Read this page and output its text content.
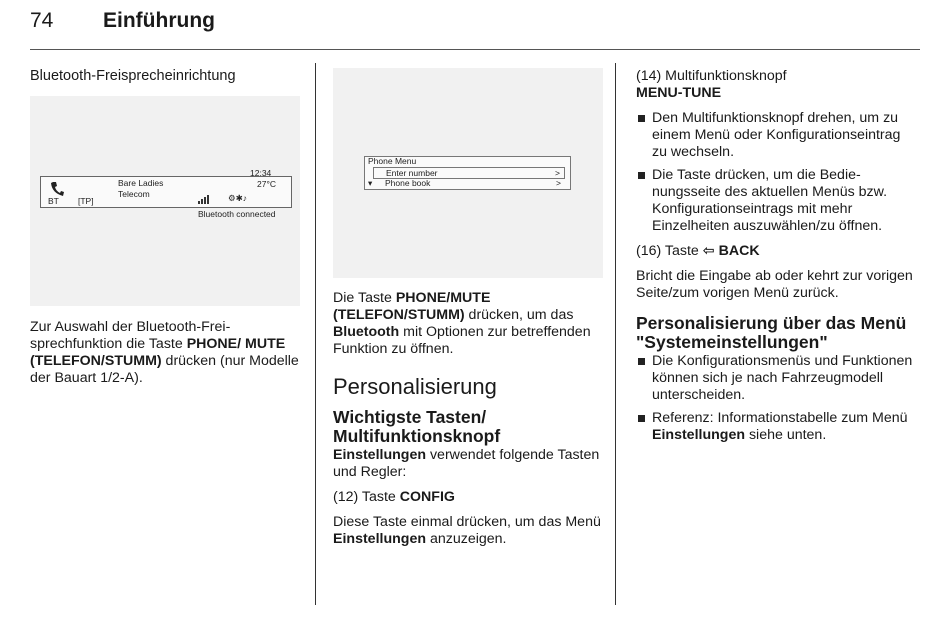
74 Einführung
Bluetooth-Freisprecheinrichtung
BT [TP]
Bare Ladies
Telecom
12:34
27°C
⚙✱♪
Bluetooth connected

Zur Auswahl der Bluetooth-Freisprechfunktion die Taste PHONE/ MUTE (TELEFON/STUMM) drücken (nur Modelle der Bauart 1/2-A).

Phone Menu
Enter number	>
▾ Phone book	>

Die Taste PHONE/MUTE (TELEFON/STUMM) drücken, um das Bluetooth mit Optionen zur betreffenden Funktion zu öffnen.

Personalisierung
Wichtigste Tasten/ Multifunktionsknopf

Einstellungen verwendet folgende Tasten und Regler:

(12) Taste CONFIG

Diese Taste einmal drücken, um das Menü Einstellungen anzuzeigen.

(14) Multifunktionsknopf
MENU-TUNE

Den Multifunktionsknopf drehen, um zu einem Menü oder Konfigurationseintrag zu wechseln.
Die Taste drücken, um die Bedienungsseite des aktuellen Menüs bzw. Konfigurationseintrags mit mehr Einzelheiten auszuwählen/zu öffnen.

(16) Taste ⇦ BACK

Bricht die Eingabe ab oder kehrt zur vorigen Seite/zum vorigen Menü zurück.

Personalisierung über das Menü "Systemeinstellungen"
Die Konfigurationsmenüs und Funktionen können sich je nach Fahrzeugmodell unterscheiden.
Referenz: Informationstabelle zum Menü Einstellungen siehe unten.
